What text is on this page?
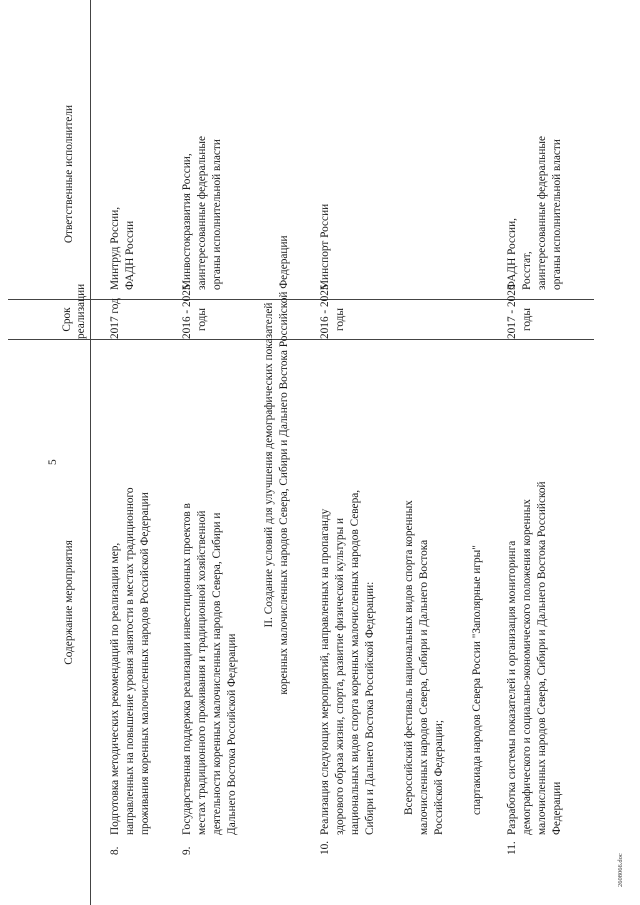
5
Содержание мероприятия
Срок реализации
Ответственные исполнители
8.
Подготовка методических рекомендаций по реализации мер, направленных на повышение уровня занятости в местах традиционного проживания коренных малочисленных народов Российской Федерации
2017 год
Минтруд России, ФАДН России
9.
Государственная поддержка реализации инвестиционных проектов в местах традиционного проживания и традиционной хозяйственной деятельности коренных малочисленных народов Севера, Сибири и Дальнего Востока Российской Федерации
2016 - 2025 годы
Минвостокразвития России, заинтересованные федеральные органы исполнительной власти
II. Создание условий для улучшения демографических показателей коренных малочисленных народов Севера, Сибири и Дальнего Востока Российской Федерации
10.
Реализация следующих мероприятий, направленных на пропаганду здорового образа жизни, спорта, развитие физической культуры и национальных видов спорта коренных малочисленных народов Севера, Сибири и Дальнего Востока Российской Федерации: Всероссийский фестиваль национальных видов спорта коренных малочисленных народов Севера, Сибири и Дальнего Востока Российской Федерации; спартакиада народов Севера России "Заполярные игры"
2016 - 2025 годы
Минспорт России
11.
Разработка системы показателей и организация мониторинга демографического и социально-экономического положения коренных малочисленных народов Севера, Сибири и Дальнего Востока Российской Федерации
2017 - 2025 годы
ФАДН России, Росстат, заинтересованные федеральные органы исполнительной власти
2608066.doc
